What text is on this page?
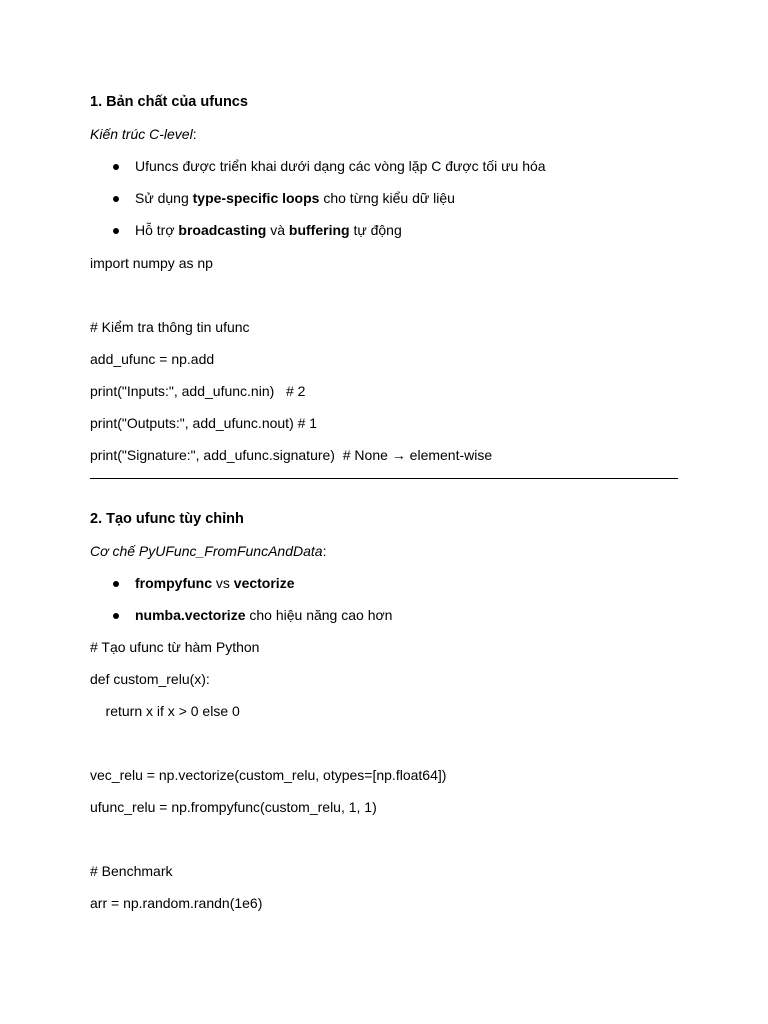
1. Bản chất của ufuncs
Kiến trúc C-level:
Ufuncs được triển khai dưới dạng các vòng lặp C được tối ưu hóa
Sử dụng type-specific loops cho từng kiểu dữ liệu
Hỗ trợ broadcasting và buffering tự động
import numpy as np
# Kiểm tra thông tin ufunc
add_ufunc = np.add
print("Inputs:", add_ufunc.nin)   # 2
print("Outputs:", add_ufunc.nout) # 1
print("Signature:", add_ufunc.signature)  # None → element-wise
2. Tạo ufunc tùy chỉnh
Cơ chế PyUFunc_FromFuncAndData:
frompyfunc vs vectorize
numba.vectorize cho hiệu năng cao hơn
# Tạo ufunc từ hàm Python
def custom_relu(x):
return x if x > 0 else 0
vec_relu = np.vectorize(custom_relu, otypes=[np.float64])
ufunc_relu = np.frompyfunc(custom_relu, 1, 1)
# Benchmark
arr = np.random.randn(1e6)
